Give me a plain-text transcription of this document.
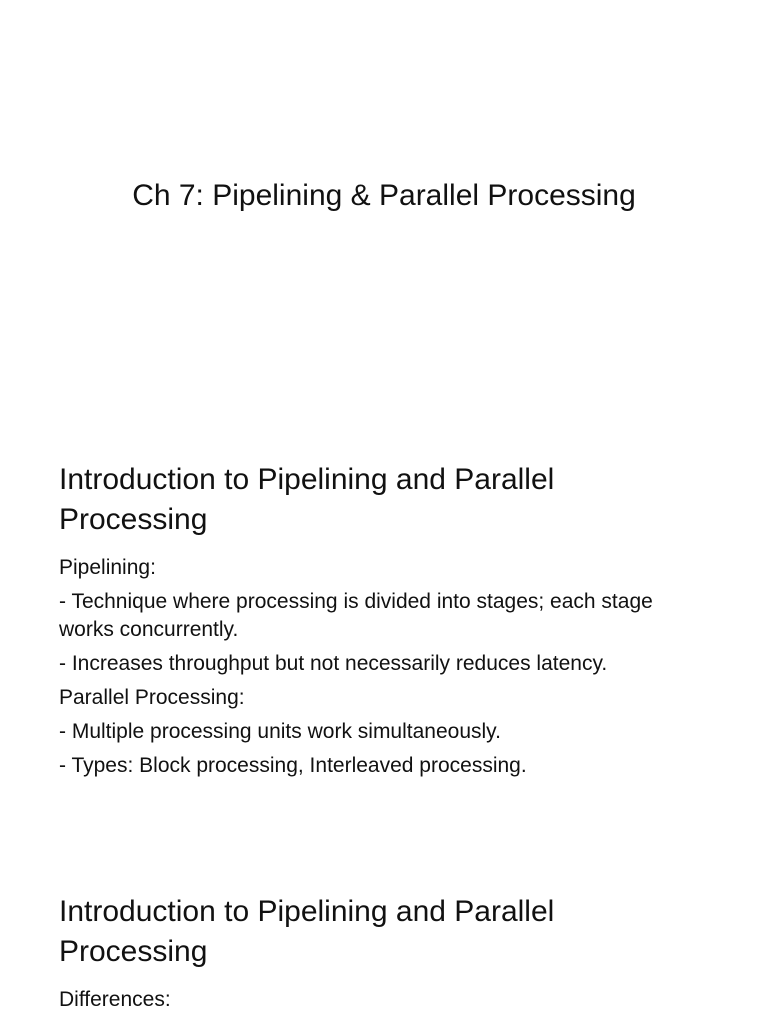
Ch 7: Pipelining & Parallel Processing
Introduction to Pipelining and Parallel Processing

Pipelining:

- Technique where processing is divided into stages; each stage works concurrently.

- Increases throughput but not necessarily reduces latency.

Parallel Processing:

- Multiple processing units work simultaneously.

- Types: Block processing, Interleaved processing.

Introduction to Pipelining and Parallel Processing

Differences:
